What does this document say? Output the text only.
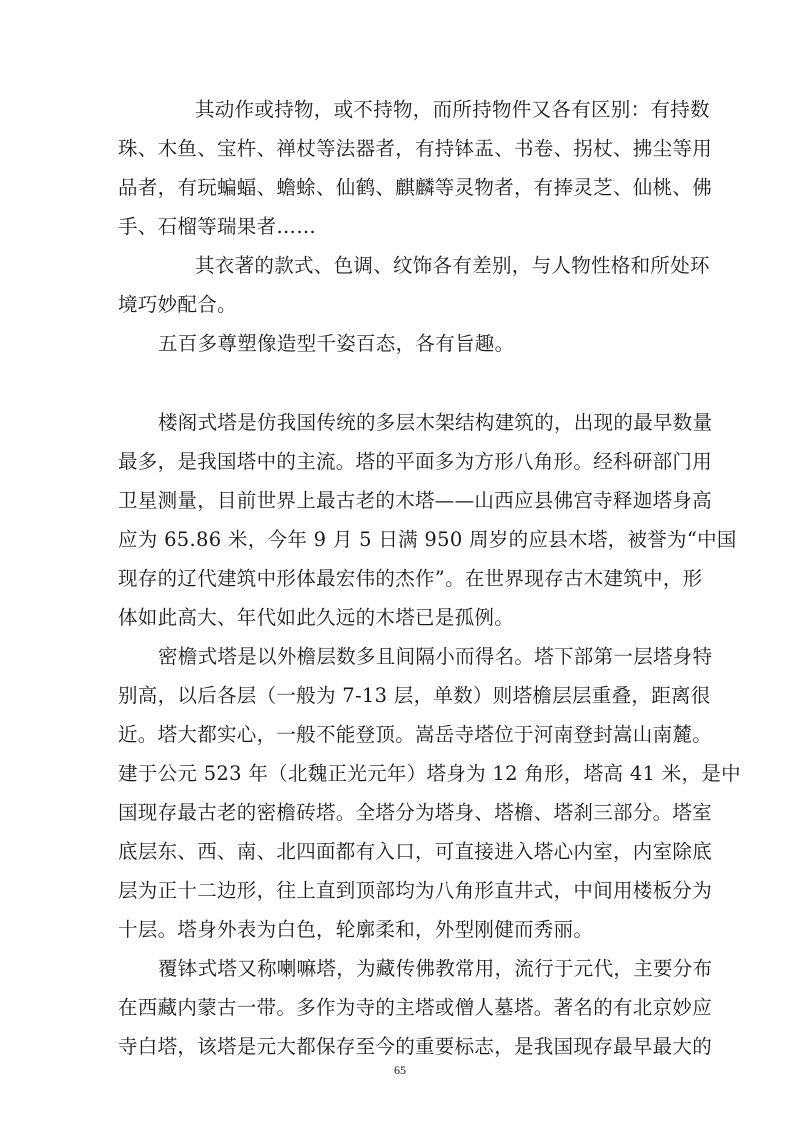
其动作或持物，或不持物，而所持物件又各有区别：有持数
珠、木鱼、宝杵、禅杖等法器者，有持钵盂、书卷、拐杖、拂尘等用
品者，有玩蝙蝠、蟾蜍、仙鹤、麒麟等灵物者，有捧灵芝、仙桃、佛
手、石榴等瑞果者……
其衣著的款式、色调、纹饰各有差别，与人物性格和所处环
境巧妙配合。
五百多尊塑像造型千姿百态，各有旨趣。
楼阁式塔是仿我国传统的多层木架结构建筑的，出现的最早数量
最多，是我国塔中的主流。塔的平面多为方形八角形。经科研部门用
卫星测量，目前世界上最古老的木塔——山西应县佛宫寺释迦塔身高
应为 65.86 米，今年 9 月 5 日满 950 周岁的应县木塔，被誉为“中国
现存的辽代建筑中形体最宏伟的杰作”。在世界现存古木建筑中，形
体如此高大、年代如此久远的木塔已是孤例。
密檐式塔是以外檐层数多且间隔小而得名。塔下部第一层塔身特
别高，以后各层（一般为 7-13 层，单数）则塔檐层层重叠，距离很
近。塔大都实心，一般不能登顶。嵩岳寺塔位于河南登封嵩山南麓。
建于公元 523 年（北魏正光元年）塔身为 12 角形，塔高 41 米，是中
国现存最古老的密檐砖塔。全塔分为塔身、塔檐、塔刹三部分。塔室
底层东、西、南、北四面都有入口，可直接进入塔心内室，内室除底
层为正十二边形，往上直到顶部均为八角形直井式，中间用楼板分为
十层。塔身外表为白色，轮廓柔和，外型刚健而秀丽。
覆钵式塔又称喇嘛塔，为藏传佛教常用，流行于元代，主要分布
在西藏内蒙古一带。多作为寺的主塔或僧人墓塔。著名的有北京妙应
寺白塔，该塔是元大都保存至今的重要标志，是我国现存最早最大的
65
